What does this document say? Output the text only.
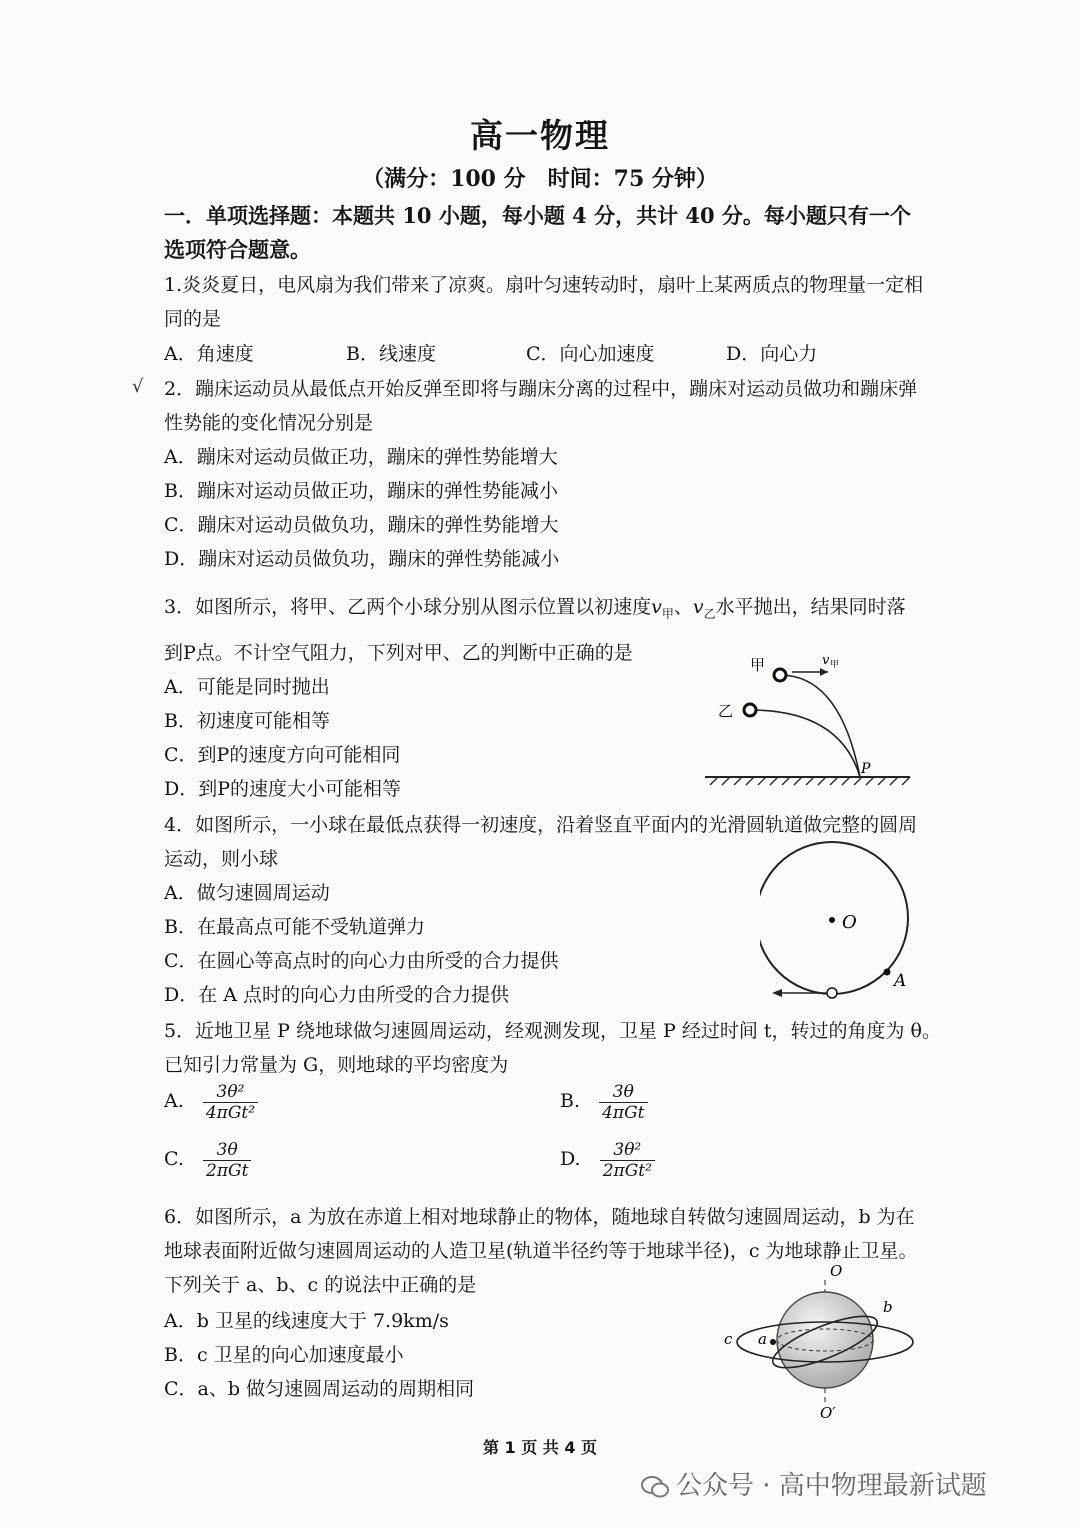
高一物理
（满分：100 分　时间：75 分钟）
一．单项选择题：本题共 10 小题，每小题 4 分，共计 40 分。每小题只有一个
选项符合题意。
1.炎炎夏日，电风扇为我们带来了凉爽。扇叶匀速转动时，扇叶上某两质点的物理量一定相
同的是
A．角速度	B．线速度	C．向心加速度	D．向心力
√ 2．蹦床运动员从最低点开始反弹至即将与蹦床分离的过程中，蹦床对运动员做功和蹦床弹
性势能的变化情况分别是
A．蹦床对运动员做正功，蹦床的弹性势能增大
B．蹦床对运动员做正功，蹦床的弹性势能减小
C．蹦床对运动员做负功，蹦床的弹性势能增大
D．蹦床对运动员做负功，蹦床的弹性势能减小
3．如图所示，将甲、乙两个小球分别从图示位置以初速度$v_甲$、$v_乙$水平抛出，结果同时落
到P点。不计空气阻力，下列对甲、乙的判断中正确的是
A．可能是同时抛出
B．初速度可能相等
C．到P的速度方向可能相同
D．到P的速度大小可能相等
甲
乙
v 甲
P
4．如图所示，一小球在最低点获得一初速度，沿着竖直平面内的光滑圆轨道做完整的圆周
运动，则小球
A．做匀速圆周运动
B．在最高点可能不受轨道弹力
C．在圆心等高点时的向心力由所受的合力提供
D．在 A 点时的向心力由所受的合力提供
O
A
5．近地卫星 P 绕地球做匀速圆周运动，经观测发现，卫星 P 经过时间 t，转过的角度为 θ。
已知引力常量为 G，则地球的平均密度为
A. $\frac{\text{3θ²}}{\text{4πGt²}}$	B. $\frac{3\theta}{\text{4πGt}}$
C. $\frac{3\theta}{\text{2πGt}}$	D. $\frac{\text{3θ²}}{\text{2πGt²}}$
6．如图所示，a 为放在赤道上相对地球静止的物体，随地球自转做匀速圆周运动，b 为在
地球表面附近做匀速圆周运动的人造卫星(轨道半径约等于地球半径)，c 为地球静止卫星。
下列关于 a、b、c 的说法中正确的是
A．b 卫星的线速度大于 7.9km/s
B．c 卫星的向心加速度最小
C．a、b 做匀速圆周运动的周期相同
O
O′
a
b
c
第 1 页 共 4 页
公众号 · 高中物理最新试题
